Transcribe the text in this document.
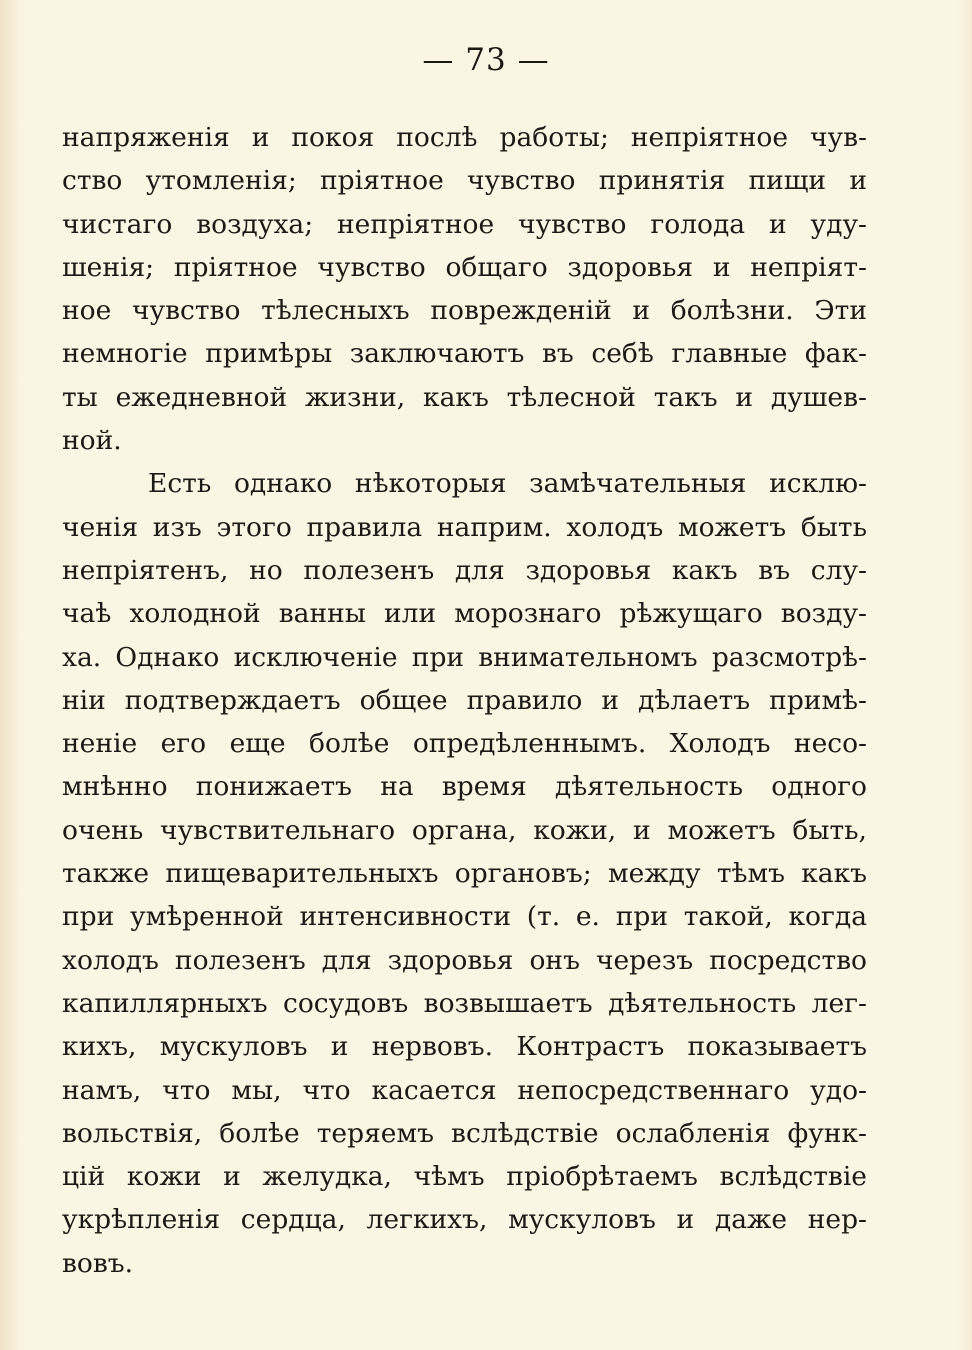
— 73 —
напряженія и покоя послѣ работы; непріятное чув-
ство утомленія; пріятное чувство принятія пищи и
чистаго воздуха; непріятное чувство голода и уду-
шенія; пріятное чувство общаго здоровья и непріят-
ное чувство тѣлесныхъ поврежденій и болѣзни. Эти
немногіе примѣры заключаютъ въ себѣ главные фак-
ты ежедневной жизни, какъ тѣлесной такъ и душев-
ной.
Есть однако нѣкоторыя замѣчательныя исклю-
ченія изъ этого правила наприм. холодъ можетъ быть
непріятенъ, но полезенъ для здоровья какъ въ слу-
чаѣ холодной ванны или морознаго рѣжущаго возду-
ха. Однако исключеніе при внимательномъ разсмотрѣ-
ніи подтверждаетъ общее правило и дѣлаетъ примѣ-
неніе его еще болѣе опредѣленнымъ. Холодъ несо-
мнѣнно понижаетъ на время дѣятельность одного
очень чувствительнаго органа, кожи, и можетъ быть,
также пищеварительныхъ органовъ; между тѣмъ какъ
при умѣренной интенсивности (т. е. при такой, когда
холодъ полезенъ для здоровья онъ черезъ посредство
капиллярныхъ сосудовъ возвышаетъ дѣятельность лег-
кихъ, мускуловъ и нервовъ. Контрастъ показываетъ
намъ, что мы, что касается непосредственнаго удо-
вольствія, болѣе теряемъ вслѣдствіе ослабленія функ-
цій кожи и желудка, чѣмъ пріобрѣтаемъ вслѣдствіе
укрѣпленія сердца, легкихъ, мускуловъ и даже нер-
вовъ.
